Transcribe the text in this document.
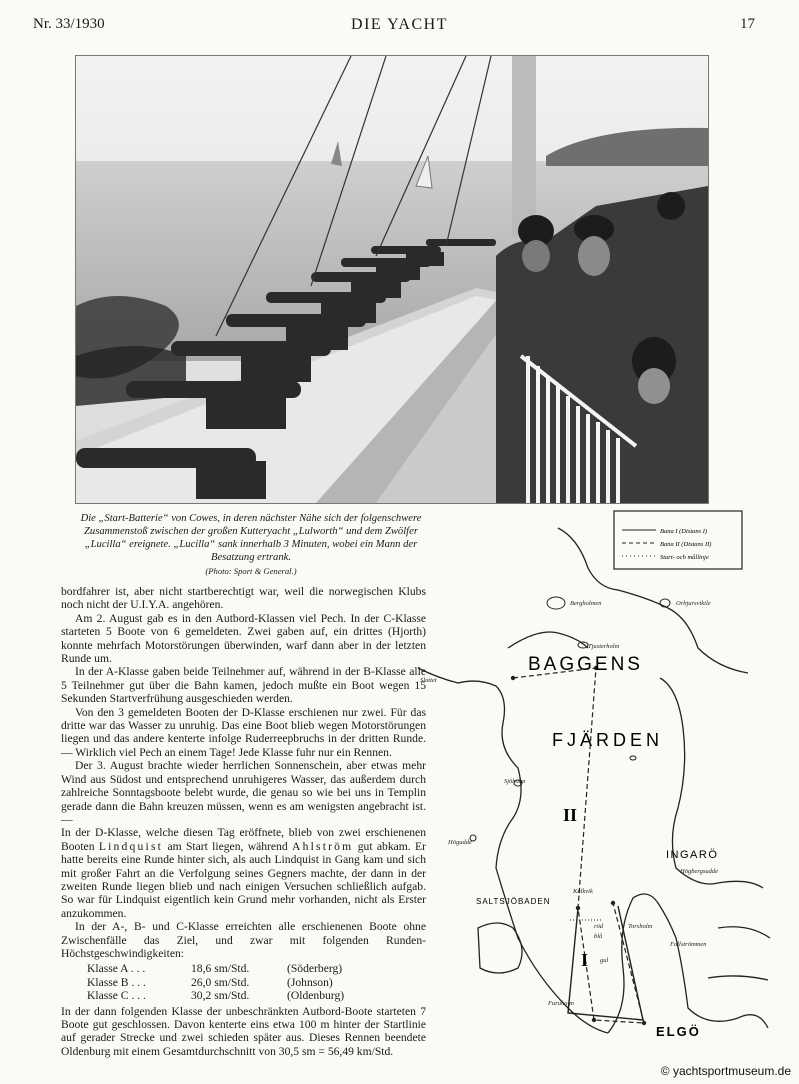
Nr. 33/1930	DIE YACHT	17
Die „Start-Batterie“ von Cowes, in deren nächster Nähe sich der folgenschwere Zusammenstoß zwischen der großen Kutteryacht „Lulworth“ und dem Zwölfer „Lucilla“ ereignete. „Lucilla“ sank innerhalb 3 Minuten, wobei ein Mann der Besatzung ertrank.
(Photo: Sport & General.)

bordfahrer ist, aber nicht startberechtigt war, weil die norwegischen Klubs noch nicht der U.I.Y.A. angehören.

Am 2. August gab es in den Autbord-Klassen viel Pech. In der C-Klasse starteten 5 Boote von 6 gemeldeten. Zwei gaben auf, ein drittes (Hjorth) konnte mehrfach Motorstörungen überwinden, warf dann aber in der letzten Runde um.

In der A-Klasse gaben beide Teilnehmer auf, während in der B-Klasse alle 5 Teilnehmer gut über die Bahn kamen, jedoch mußte ein Boot wegen 15 Sekunden Startverfrühung ausgeschieden werden.

Von den 3 gemeldeten Booten der D-Klasse erschienen nur zwei. Für das dritte war das Wasser zu unruhig. Das eine Boot blieb wegen Motorstörungen liegen und das andere kenterte infolge Ruderreepbruchs in der dritten Runde. — Wirklich viel Pech an einem Tage! Jede Klasse fuhr nur ein Rennen.

Der 3. August brachte wieder herrlichen Sonnenschein, aber etwas mehr Wind aus Südost und entsprechend unruhigeres Wasser, das außerdem durch zahlreiche Sonntagsboote belebt wurde, die genau so wie bei uns in Templin gerade dann die Bahn kreuzen müssen, wenn es am wenigsten angebracht ist. —

In der D-Klasse, welche diesen Tag eröffnete, blieb von zwei erschienenen Booten Lindquist am Start liegen, während Ahlström gut abkam. Er hatte bereits eine Runde hinter sich, als auch Lindquist in Gang kam und sich mit großer Fahrt an die Verfolgung seines Gegners machte, der dann in der zweiten Runde liegen blieb und nach einigen Versuchen schließlich aufgab. So war für Lindquist eigentlich kein Grund mehr vorhanden, nicht als Erster anzukommen.

In der A-, B- und C-Klasse erreichten alle erschienenen Boote ohne Zwischenfälle das Ziel, und zwar mit folgenden Runden-Höchstgeschwindigkeiten:

Klasse A . . .	18,6 sm/Std.	(Söderberg)
Klasse B . . .	26,0 sm/Std.	(Johnson)
Klasse C . . .	30,2 sm/Std.	(Oldenburg)

In der dann folgenden Klasse der unbeschränkten Autbord-Boote starteten 7 Boote gut geschlossen. Davon kenterte eins etwa 100 m hinter der Startlinie auf gerader Strecke und zwei schieden später aus. Dieses Rennen beendete Oldenburg mit einem Gesamtdurchschnitt von 30,5 sm = 56,49 km/Std.

Bana I (Distans I)
Bana II (Distans II)
Start- och mållinje
BAGGENS
FJÄRDEN
INGARÖ
SALTSJÖBADEN
ELGÖ
II
I
Bergholmen	Orbjursvikile
Tjusterholm
Slottet
Sjöholm
Högudde
Högbergsudde
Kalkvik
Torsholm
Fallströmmen
Furuholm
röd
blå
gul
© yachtsportmuseum.de
